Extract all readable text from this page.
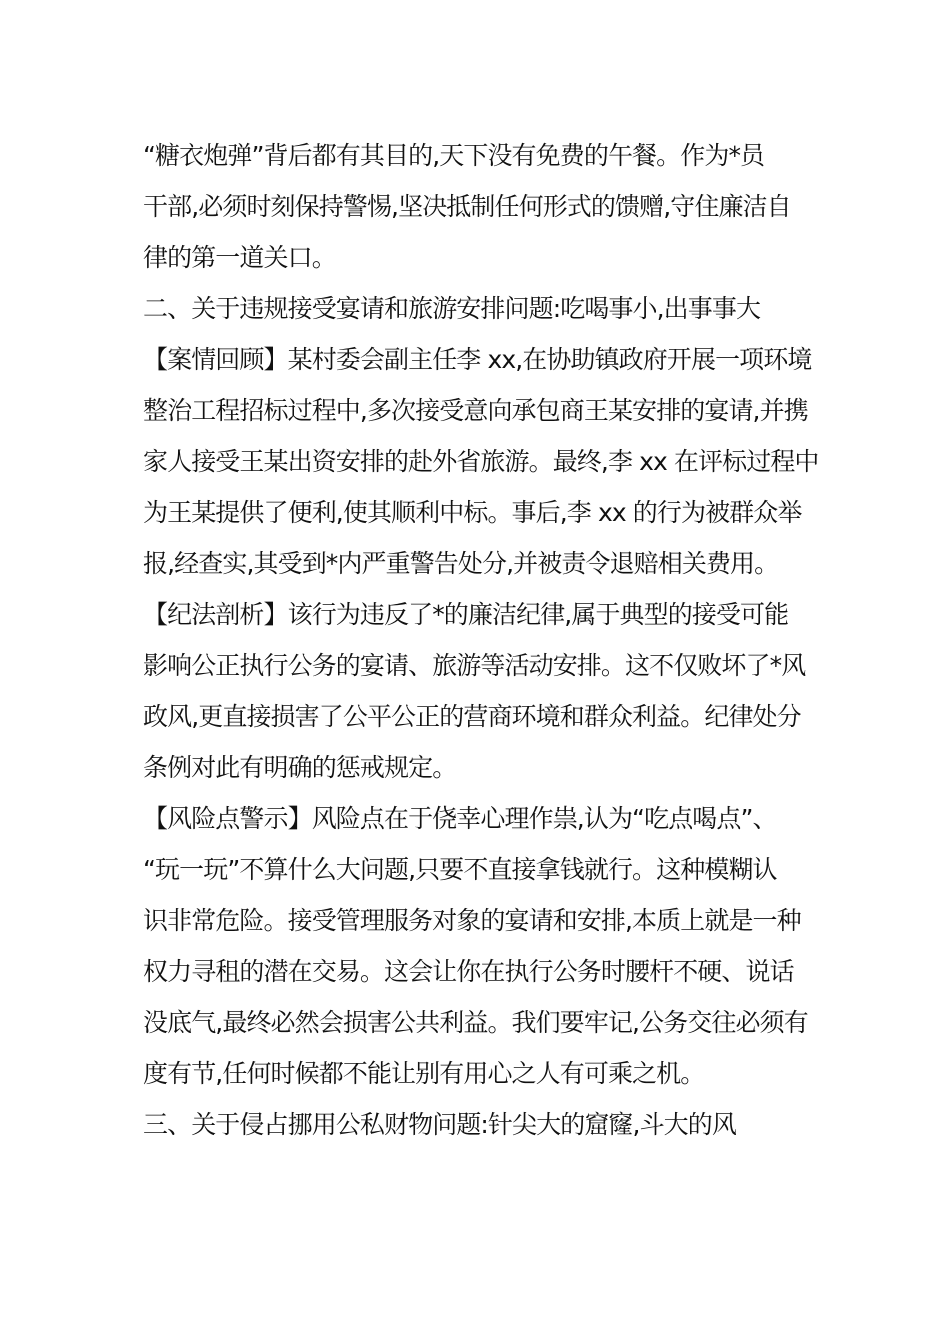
“糖衣炮弹”背后都有其目的,天下没有免费的午餐。作为*员
干部,必须时刻保持警惕,坚决抵制任何形式的馈赠,守住廉洁自
律的第一道关口。
二、关于违规接受宴请和旅游安排问题:吃喝事小,出事事大
【案情回顾】某村委会副主任李 xx,在协助镇政府开展一项环境
整治工程招标过程中,多次接受意向承包商王某安排的宴请,并携
家人接受王某出资安排的赴外省旅游。最终,李 xx 在评标过程中
为王某提供了便利,使其顺利中标。事后,李 xx 的行为被群众举
报,经查实,其受到*内严重警告处分,并被责令退赔相关费用。
【纪法剖析】该行为违反了*的廉洁纪律,属于典型的接受可能
影响公正执行公务的宴请、旅游等活动安排。这不仅败坏了*风
政风,更直接损害了公平公正的营商环境和群众利益。纪律处分
条例对此有明确的惩戒规定。
【风险点警示】风险点在于侥幸心理作祟,认为“吃点喝点”、
“玩一玩”不算什么大问题,只要不直接拿钱就行。这种模糊认
识非常危险。接受管理服务对象的宴请和安排,本质上就是一种
权力寻租的潜在交易。这会让你在执行公务时腰杆不硬、说话
没底气,最终必然会损害公共利益。我们要牢记,公务交往必须有
度有节,任何时候都不能让别有用心之人有可乘之机。
三、关于侵占挪用公私财物问题:针尖大的窟窿,斗大的风
